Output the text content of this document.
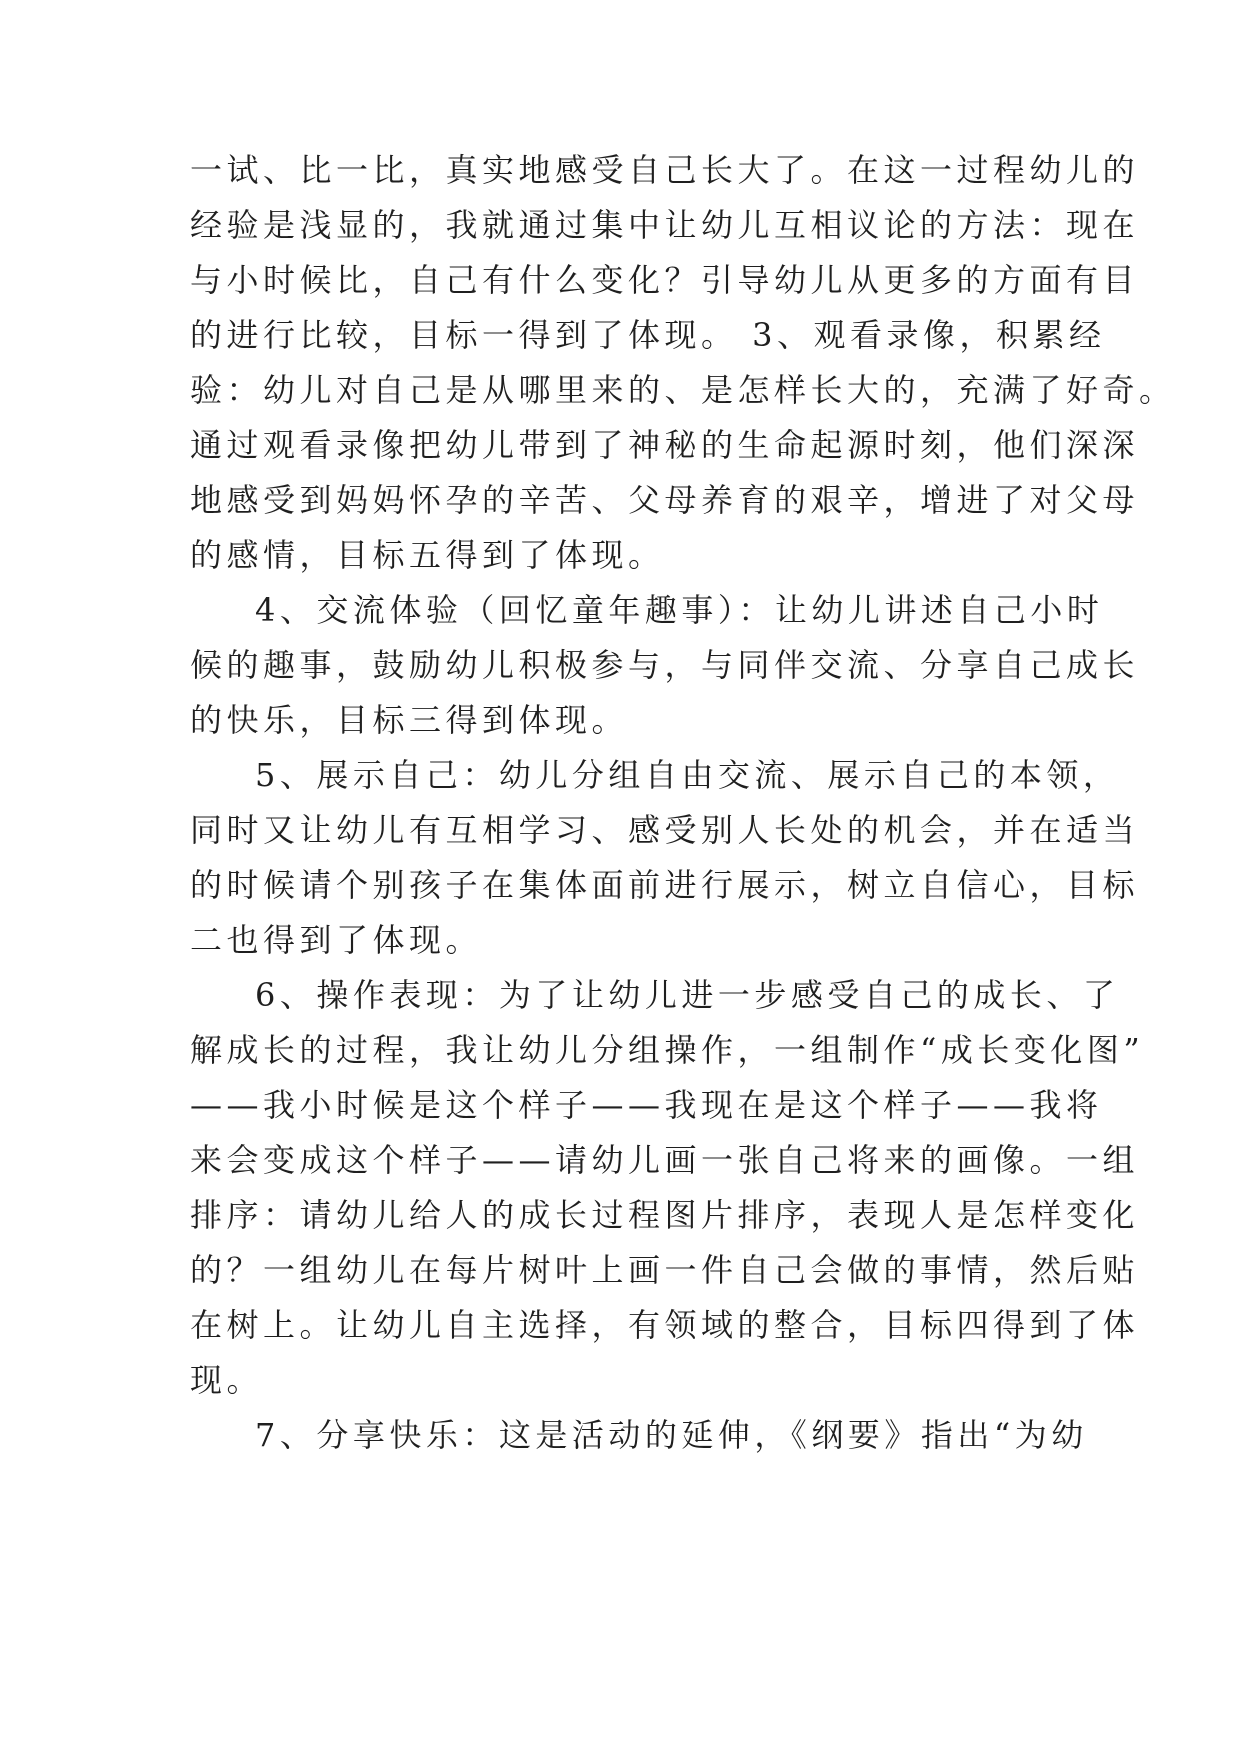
一试、比一比，真实地感受自己长大了。在这一过程幼儿的
经验是浅显的，我就通过集中让幼儿互相议论的方法：现在
与小时候比，自己有什么变化？引导幼儿从更多的方面有目
的进行比较，目标一得到了体现。 3、观看录像，积累经
验：幼儿对自己是从哪里来的、是怎样长大的，充满了好奇。
通过观看录像把幼儿带到了神秘的生命起源时刻，他们深深
地感受到妈妈怀孕的辛苦、父母养育的艰辛，增进了对父母
的感情，目标五得到了体现。
4、交流体验（回忆童年趣事）：让幼儿讲述自己小时
候的趣事，鼓励幼儿积极参与，与同伴交流、分享自己成长
的快乐，目标三得到体现。
5、展示自己：幼儿分组自由交流、展示自己的本领，
同时又让幼儿有互相学习、感受别人长处的机会，并在适当
的时候请个别孩子在集体面前进行展示，树立自信心，目标
二也得到了体现。
6、操作表现：为了让幼儿进一步感受自己的成长、了
解成长的过程，我让幼儿分组操作，一组制作“成长变化图”
——我小时候是这个样子——我现在是这个样子——我将
来会变成这个样子——请幼儿画一张自己将来的画像。一组
排序：请幼儿给人的成长过程图片排序，表现人是怎样变化
的？一组幼儿在每片树叶上画一件自己会做的事情，然后贴
在树上。让幼儿自主选择，有领域的整合，目标四得到了体
现。
7、分享快乐：这是活动的延伸，《纲要》指出“为幼
